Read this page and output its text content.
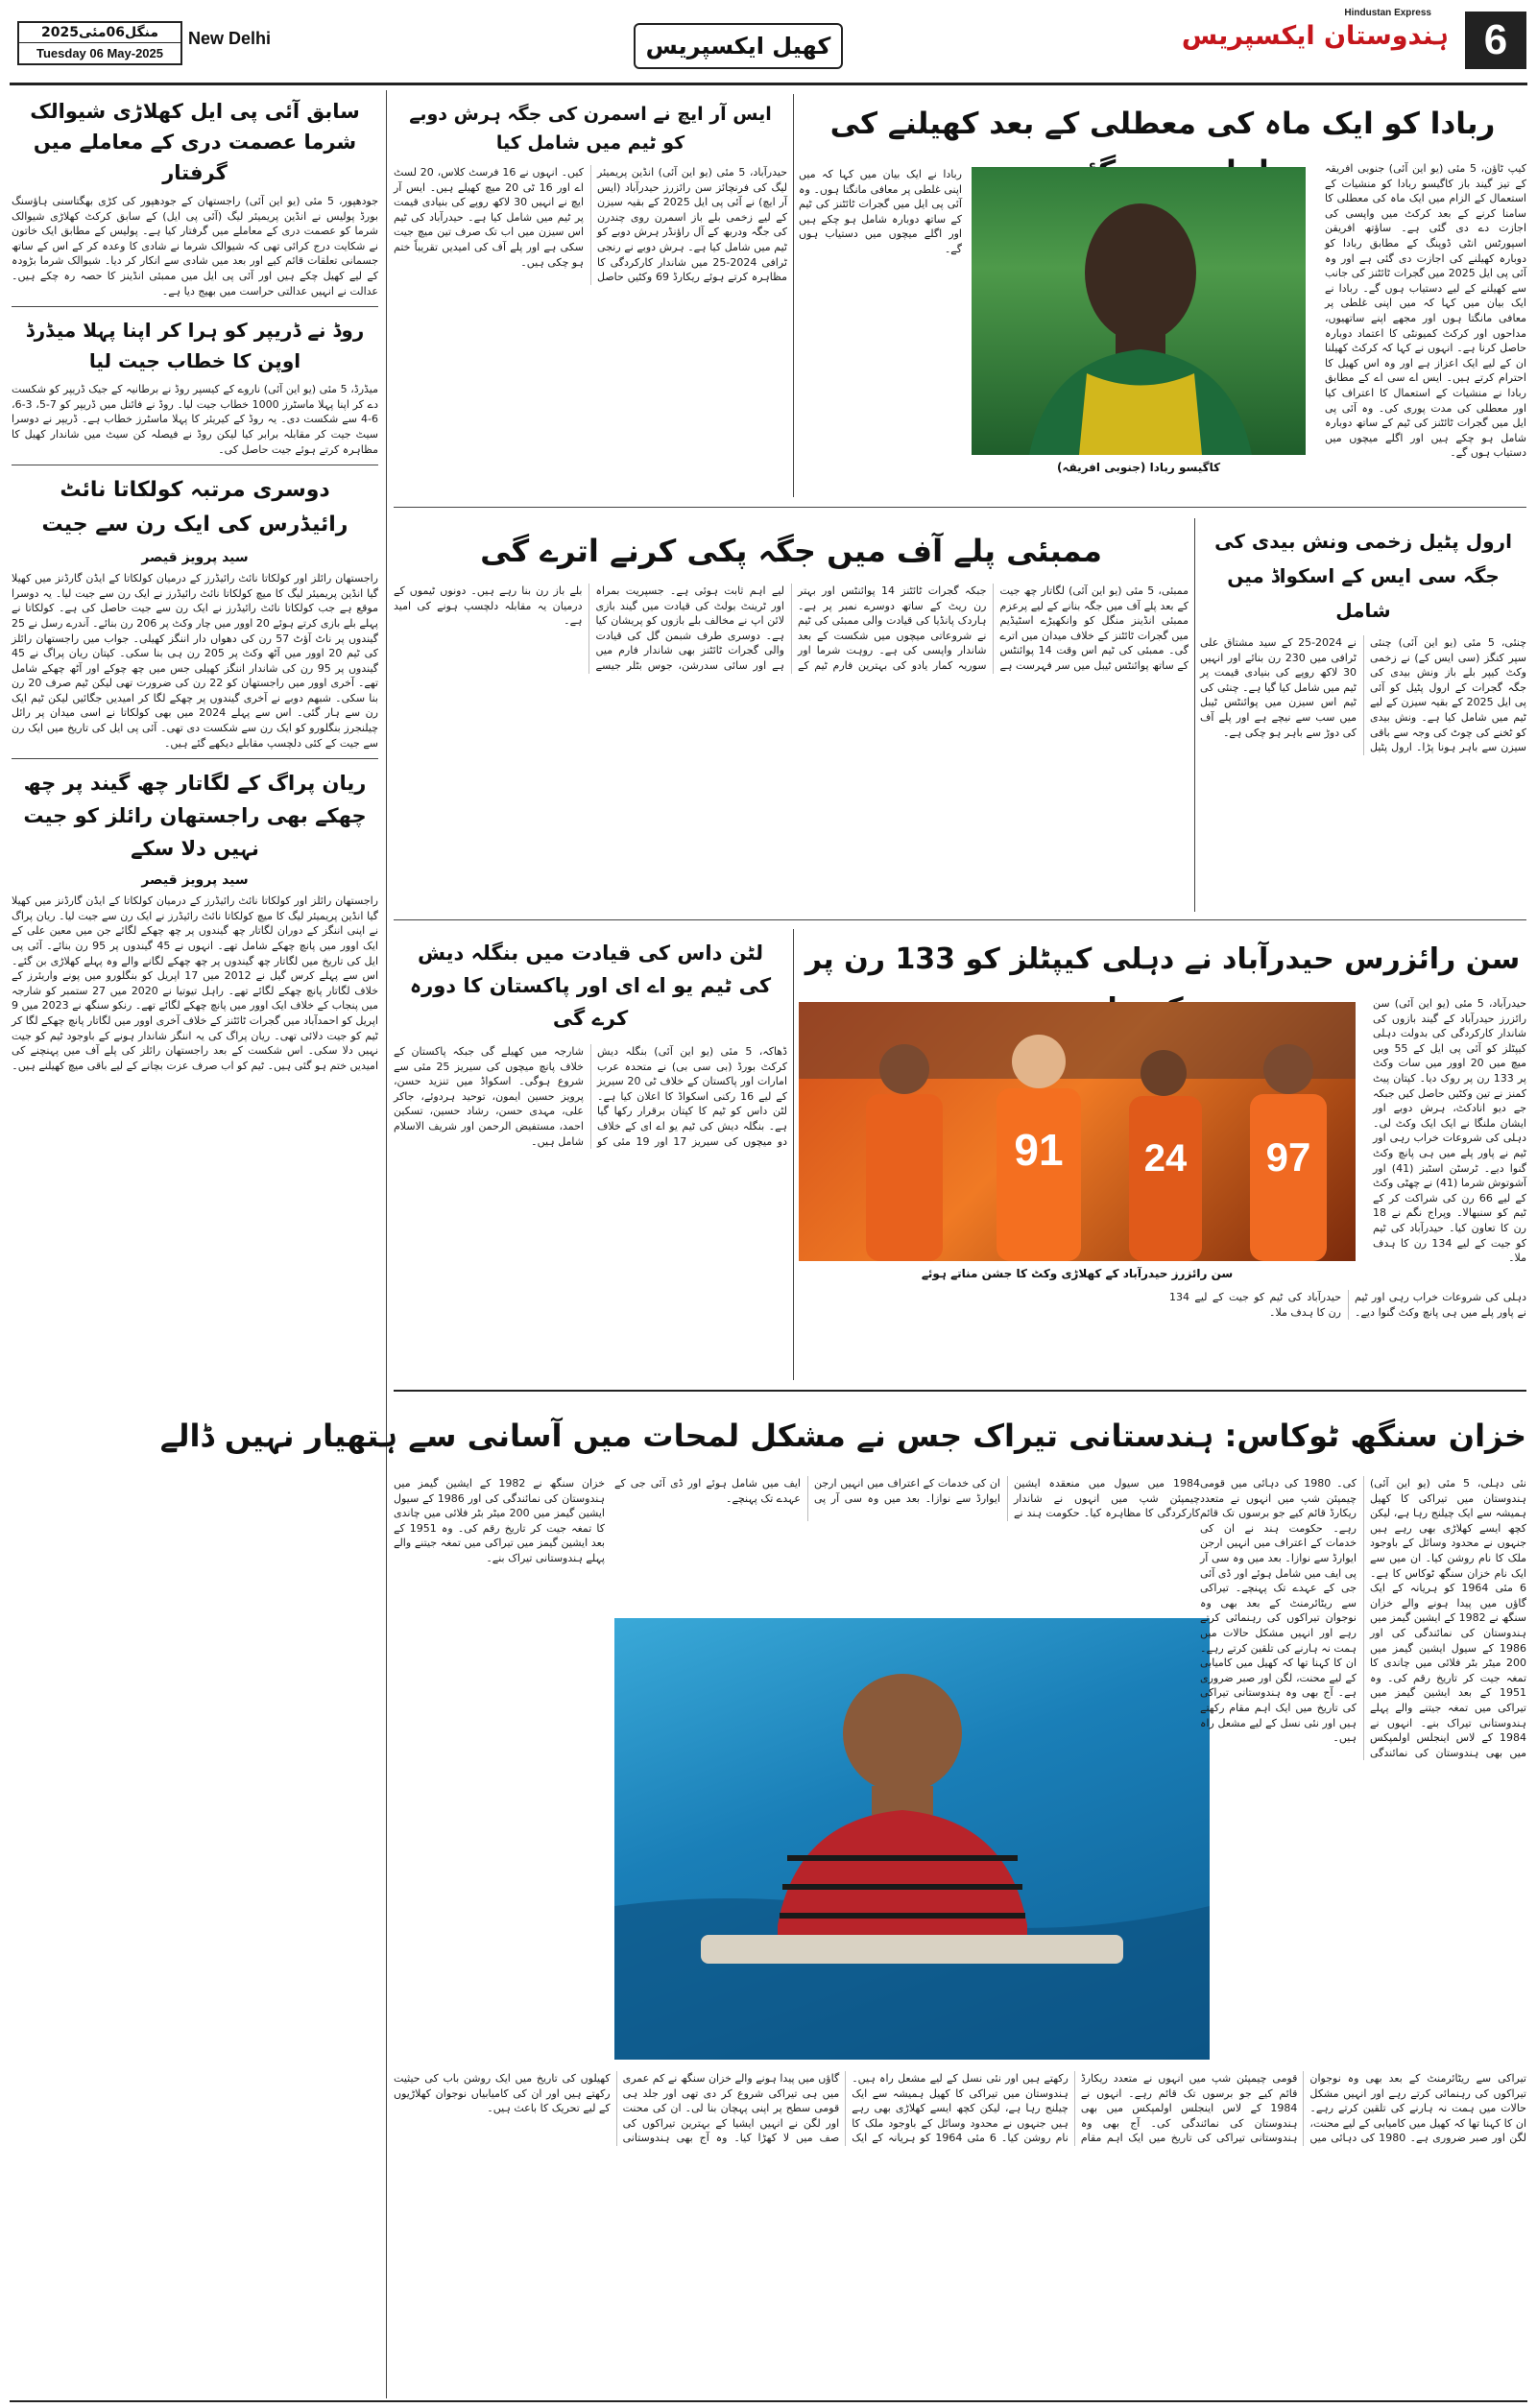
منگل06مئی2025
Tuesday 06 May-2025
New Delhi	کھیل ایکسپریس
Hindustan Express
ہندوستان ایکسپریس 6
سابق آئی پی ایل کھلاڑی شیوالک شرما عصمت دری کے معاملے میں گرفتار

جودھپور، 5 مئی (یو این آئی) راجستھان کے جودھپور کی کڑی بھگتاسنی ہاؤسنگ بورڈ پولیس نے انڈین پریمیئر لیگ (آئی پی ایل) کے سابق کرکٹ کھلاڑی شیوالک شرما کو عصمت دری کے معاملے میں گرفتار کیا ہے۔ پولیس کے مطابق ایک خاتون نے شکایت درج کرائی تھی کہ شیوالک شرما نے شادی کا وعدہ کر کے اس کے ساتھ جسمانی تعلقات قائم کیے اور بعد میں شادی سے انکار کر دیا۔ شیوالک شرما بڑودہ کے لیے کھیل چکے ہیں اور آئی پی ایل میں ممبئی انڈینز کا حصہ رہ چکے ہیں۔ عدالت نے انہیں عدالتی حراست میں بھیج دیا ہے۔

روڈ نے ڈریپر کو ہرا کر اپنا پہلا میڈرڈ اوپن کا خطاب جیت لیا

میڈرڈ، 5 مئی (یو این آئی) ناروے کے کیسپر روڈ نے برطانیہ کے جیک ڈریپر کو شکست دے کر اپنا پہلا ماسٹرز 1000 خطاب جیت لیا۔ روڈ نے فائنل میں ڈریپر کو 7-5، 3-6، 6-4 سے شکست دی۔ یہ روڈ کے کیریئر کا پہلا ماسٹرز خطاب ہے۔ ڈریپر نے دوسرا سیٹ جیت کر مقابلہ برابر کیا لیکن روڈ نے فیصلہ کن سیٹ میں شاندار کھیل کا مظاہرہ کرتے ہوئے جیت حاصل کی۔

دوسری مرتبہ کولکاتا نائٹ رائیڈرس کی ایک رن سے جیت
سید پرویز قیصر

راجستھان رائلز اور کولکاتا نائٹ رائیڈرز کے درمیان کولکاتا کے ایڈن گارڈنز میں کھیلا گیا انڈین پریمیئر لیگ کا میچ کولکاتا نائٹ رائیڈرز نے ایک رن سے جیت لیا۔ یہ دوسرا موقع ہے جب کولکاتا نائٹ رائیڈرز نے ایک رن سے جیت حاصل کی ہے۔ کولکاتا نے پہلے بلے بازی کرتے ہوئے 20 اوور میں چار وکٹ پر 206 رن بنائے۔ آندرے رسل نے 25 گیندوں پر ناٹ آؤٹ 57 رن کی دھواں دار اننگز کھیلی۔ جواب میں راجستھان رائلز کی ٹیم 20 اوور میں آٹھ وکٹ پر 205 رن ہی بنا سکی۔ کپتان ریان پراگ نے 45 گیندوں پر 95 رن کی شاندار اننگز کھیلی جس میں چھ چوکے اور آٹھ چھکے شامل تھے۔ آخری اوور میں راجستھان کو 22 رن کی ضرورت تھی لیکن ٹیم صرف 20 رن بنا سکی۔ شبھم دوبے نے آخری گیندوں پر چھکے لگا کر امیدیں جگائیں لیکن ٹیم ایک رن سے ہار گئی۔ اس سے پہلے 2024 میں بھی کولکاتا نے اسی میدان پر رائل چیلنجرز بنگلورو کو ایک رن سے شکست دی تھی۔ آئی پی ایل کی تاریخ میں ایک رن سے جیت کے کئی دلچسپ مقابلے دیکھے گئے ہیں۔

ریان پراگ کے لگاتار چھ گیند پر چھ چھکے بھی راجستھان رائلز کو جیت نہیں دلا سکے
سید پرویز قیصر

راجستھان رائلز اور کولکاتا نائٹ رائیڈرز کے درمیان کولکاتا کے ایڈن گارڈنز میں کھیلا گیا انڈین پریمیئر لیگ کا میچ کولکاتا نائٹ رائیڈرز نے ایک رن سے جیت لیا۔ ریان پراگ نے اپنی اننگز کے دوران لگاتار چھ گیندوں پر چھ چھکے لگائے جن میں معین علی کے ایک اوور میں پانچ چھکے شامل تھے۔ انہوں نے 45 گیندوں پر 95 رن بنائے۔ آئی پی ایل کی تاریخ میں لگاتار چھ گیندوں پر چھ چھکے لگانے والے وہ پہلے کھلاڑی بن گئے۔ اس سے پہلے کرس گیل نے 2012 میں 17 اپریل کو بنگلورو میں پونے واریئرز کے خلاف لگاتار پانچ چھکے لگائے تھے۔ راہل تیوتیا نے 2020 میں 27 ستمبر کو شارجہ میں پنجاب کے خلاف ایک اوور میں پانچ چھکے لگائے تھے۔ رنکو سنگھ نے 2023 میں 9 اپریل کو احمدآباد میں گجرات ٹائٹنز کے خلاف آخری اوور میں لگاتار پانچ چھکے لگا کر ٹیم کو جیت دلائی تھی۔ ریان پراگ کی یہ اننگز شاندار ہونے کے باوجود ٹیم کو جیت نہیں دلا سکی۔ اس شکست کے بعد راجستھان رائلز کی پلے آف میں پہنچنے کی امیدیں ختم ہو گئی ہیں۔ ٹیم کو اب صرف عزت بچانے کے لیے باقی میچ کھیلنے ہیں۔

ربادا کو ایک ماہ کی معطلی کے بعد کھیلنے کی

کیپ ٹاؤن، 5 مئی (یو این آئی) جنوبی افریقہ کے تیز گیند باز کاگیسو ربادا کو منشیات کے استعمال کے الزام میں ایک ماہ کی معطلی کا سامنا کرنے کے بعد کرکٹ میں واپسی کی اجازت دے دی گئی ہے۔ ساؤتھ افریقن اسپورٹس انٹی ڈوپنگ کے مطابق ربادا کو دوبارہ کھیلنے کی اجازت دی گئی ہے اور وہ آئی پی ایل 2025 میں گجرات ٹائٹنز کی جانب سے کھیلنے کے لیے دستیاب ہوں گے۔ ربادا نے ایک بیان میں کہا کہ میں اپنی غلطی پر معافی مانگتا ہوں اور مجھے اپنے ساتھیوں، مداحوں اور کرکٹ کمیونٹی کا اعتماد دوبارہ حاصل کرنا ہے۔ انہوں نے کہا کہ کرکٹ کھیلنا ان کے لیے ایک اعزاز ہے اور وہ اس کھیل کا احترام کرتے ہیں۔ ایس اے سی اے کے مطابق ربادا نے منشیات کے استعمال کا اعتراف کیا اور معطلی کی مدت پوری کی۔ وہ آئی پی ایل میں گجرات ٹائٹنز کی ٹیم کے ساتھ دوبارہ شامل ہو چکے ہیں اور اگلے میچوں میں دستیاب ہوں گے۔

ربادا نے ایک بیان میں کہا کہ میں اپنی غلطی پر معافی مانگتا ہوں۔ وہ آئی پی ایل میں گجرات ٹائٹنز کی ٹیم کے ساتھ دوبارہ شامل ہو چکے ہیں اور اگلے میچوں میں دستیاب ہوں گے۔

کاگیسو ربادا (جنوبی افریقہ)
ایس آر ایچ نے اسمرن کی جگہ ہرش دوبے کو ٹیم میں شامل کیا

حیدرآباد، 5 مئی (یو این آئی) انڈین پریمیئر لیگ کی فرنچائز سن رائزرز حیدرآباد (ایس آر ایچ) نے آئی پی ایل 2025 کے بقیہ سیزن کے لیے زخمی بلے باز اسمرن روی چندرن کی جگہ ودربھ کے آل راؤنڈر ہرش دوبے کو ٹیم میں شامل کیا ہے۔ ہرش دوبے نے رنجی ٹرافی 2024-25 میں شاندار کارکردگی کا مظاہرہ کرتے ہوئے ریکارڈ 69 وکٹیں حاصل کیں۔ انہوں نے 16 فرسٹ کلاس، 20 لسٹ اے اور 16 ٹی 20 میچ کھیلے ہیں۔ ایس آر ایچ نے انہیں 30 لاکھ روپے کی بنیادی قیمت پر ٹیم میں شامل کیا ہے۔ حیدرآباد کی ٹیم اس سیزن میں اب تک صرف تین میچ جیت سکی ہے اور پلے آف کی امیدیں تقریباً ختم ہو چکی ہیں۔

ارول پٹیل زخمی ونش بیدی کی جگہ سی ایس کے اسکواڈ میں شامل

چنئی، 5 مئی (یو این آئی) چنئی سپر کنگز (سی ایس کے) نے زخمی وکٹ کیپر بلے باز ونش بیدی کی جگہ گجرات کے ارول پٹیل کو آئی پی ایل 2025 کے بقیہ سیزن کے لیے ٹیم میں شامل کیا ہے۔ ونش بیدی کو ٹخنے کی چوٹ کی وجہ سے باقی سیزن سے باہر ہونا پڑا۔ ارول پٹیل نے 2024-25 کے سید مشتاق علی ٹرافی میں 230 رن بنائے اور انہیں 30 لاکھ روپے کی بنیادی قیمت پر ٹیم میں شامل کیا گیا ہے۔ چنئی کی ٹیم اس سیزن میں پوائنٹس ٹیبل میں سب سے نیچے ہے اور پلے آف کی دوڑ سے باہر ہو چکی ہے۔

ممبئی پلے آف میں جگہ پکی کرنے اترے گی

ممبئی، 5 مئی (یو این آئی) لگاتار چھ جیت کے بعد پلے آف میں جگہ بنانے کے لیے پرعزم ممبئی انڈینز منگل کو وانکھیڑے اسٹیڈیم میں گجرات ٹائٹنز کے خلاف میدان میں اترے گی۔ ممبئی کی ٹیم اس وقت 14 پوائنٹس کے ساتھ پوائنٹس ٹیبل میں سر فہرست ہے جبکہ گجرات ٹائٹنز 14 پوائنٹس اور بہتر رن ریٹ کے ساتھ دوسرے نمبر پر ہے۔ ہاردک پانڈیا کی قیادت والی ممبئی کی ٹیم نے شروعاتی میچوں میں شکست کے بعد شاندار واپسی کی ہے۔ روہت شرما اور سوریہ کمار یادو کی بہترین فارم ٹیم کے لیے اہم ثابت ہوئی ہے۔ جسپریت بمراہ اور ٹرینٹ بولٹ کی قیادت میں گیند بازی لائن اپ نے مخالف بلے بازوں کو پریشان کیا ہے۔ دوسری طرف شبمن گل کی قیادت والی گجرات ٹائٹنز بھی شاندار فارم میں ہے اور سائی سدرشن، جوس بٹلر جیسے بلے باز رن بنا رہے ہیں۔ دونوں ٹیموں کے درمیان یہ مقابلہ دلچسپ ہونے کی امید ہے۔

سن رائزرس حیدرآباد نے دہلی کیپٹلز کو 133 رن پر

حیدرآباد، 5 مئی (یو این آئی) سن رائزرز حیدرآباد کے گیند بازوں کی شاندار کارکردگی کی بدولت دہلی کیپٹلز کو آئی پی ایل کے 55 ویں میچ میں 20 اوور میں سات وکٹ پر 133 رن پر روک دیا۔ کپتان پیٹ کمنز نے تین وکٹیں حاصل کیں جبکہ جے دیو انادکٹ، ہرش دوبے اور ایشان ملنگا نے ایک ایک وکٹ لی۔ دہلی کی شروعات خراب رہی اور ٹیم نے پاور پلے میں ہی پانچ وکٹ گنوا دیے۔ ٹرسٹن اسٹبز (41) اور آشوتوش شرما (41) نے چھٹی وکٹ کے لیے 66 رن کی شراکت کر کے ٹیم کو سنبھالا۔ وپراج نگم نے 18 رن کا تعاون کیا۔ حیدرآباد کی ٹیم کو جیت کے لیے 134 رن کا ہدف ملا۔

91 24 97
سن رائزرز حیدرآباد کے کھلاڑی وکٹ کا جشن مناتے ہوئے

دہلی کی شروعات خراب رہی اور ٹیم نے پاور پلے میں ہی پانچ وکٹ گنوا دیے۔ حیدرآباد کی ٹیم کو جیت کے لیے 134 رن کا ہدف ملا۔

لٹن داس کی قیادت میں بنگلہ دیش کی ٹیم یو اے ای اور پاکستان کا دورہ کرے گی

ڈھاکہ، 5 مئی (یو این آئی) بنگلہ دیش کرکٹ بورڈ (بی سی بی) نے متحدہ عرب امارات اور پاکستان کے خلاف ٹی 20 سیریز کے لیے 16 رکنی اسکواڈ کا اعلان کیا ہے۔ لٹن داس کو ٹیم کا کپتان برقرار رکھا گیا ہے۔ بنگلہ دیش کی ٹیم یو اے ای کے خلاف دو میچوں کی سیریز 17 اور 19 مئی کو شارجہ میں کھیلے گی جبکہ پاکستان کے خلاف پانچ میچوں کی سیریز 25 مئی سے شروع ہوگی۔ اسکواڈ میں تنزید حسن، پرویز حسین ایمون، توحید ہردوئے، جاکر علی، مہدی حسن، رشاد حسین، تسکین احمد، مستفیض الرحمن اور شریف الاسلام شامل ہیں۔

خزان سنگھ ٹوکاس: ہندستانی تیراک جس نے مشکل لمحات میں آسانی سے ہتھیار نہیں ڈالے

نئی دہلی، 5 مئی (یو این آئی) ہندوستان میں تیراکی کا کھیل ہمیشہ سے ایک چیلنج رہا ہے، لیکن کچھ ایسے کھلاڑی بھی رہے ہیں جنہوں نے محدود وسائل کے باوجود ملک کا نام روشن کیا۔ ان میں سے ایک نام خزان سنگھ ٹوکاس کا ہے۔ 6 مئی 1964 کو ہریانہ کے ایک گاؤں میں پیدا ہونے والے خزان سنگھ نے 1982 کے ایشین گیمز میں ہندوستان کی نمائندگی کی اور 1986 کے سیول ایشین گیمز میں 200 میٹر بٹر فلائی میں چاندی کا تمغہ جیت کر تاریخ رقم کی۔ وہ 1951 کے بعد ایشین گیمز میں تیراکی میں تمغہ جیتنے والے پہلے ہندوستانی تیراک بنے۔ انہوں نے 1984 کے لاس اینجلس اولمپکس میں بھی ہندوستان کی نمائندگی کی۔ 1980 کی دہائی میں قومی چیمپئن شپ میں انہوں نے متعدد ریکارڈ قائم کیے جو برسوں تک قائم رہے۔ حکومت ہند نے ان کی خدمات کے اعتراف میں انہیں ارجن ایوارڈ سے نوازا۔ بعد میں وہ سی آر پی ایف میں شامل ہوئے اور ڈی آئی جی کے عہدے تک پہنچے۔ تیراکی سے ریٹائرمنٹ کے بعد بھی وہ نوجوان تیراکوں کی رہنمائی کرتے رہے اور انہیں مشکل حالات میں ہمت نہ ہارنے کی تلقین کرتے رہے۔ ان کا کہنا تھا کہ کھیل میں کامیابی کے لیے محنت، لگن اور صبر ضروری ہے۔ آج بھی وہ ہندوستانی تیراکی کی تاریخ میں ایک اہم مقام رکھتے ہیں اور نئی نسل کے لیے مشعل راہ ہیں۔

خزان سنگھ نے 1982 کے ایشین گیمز میں ہندوستان کی نمائندگی کی اور 1986 کے سیول ایشین گیمز میں 200 میٹر بٹر فلائی میں چاندی کا تمغہ جیت کر تاریخ رقم کی۔ وہ 1951 کے بعد ایشین گیمز میں تیراکی میں تمغہ جیتنے والے پہلے ہندوستانی تیراک بنے۔

1984 میں سیول میں منعقدہ ایشین چیمپئن شپ میں انہوں نے شاندار کارکردگی کا مظاہرہ کیا۔ حکومت ہند نے ان کی خدمات کے اعتراف میں انہیں ارجن ایوارڈ سے نوازا۔ بعد میں وہ سی آر پی ایف میں شامل ہوئے اور ڈی آئی جی کے عہدے تک پہنچے۔

تیراکی سے ریٹائرمنٹ کے بعد بھی وہ نوجوان تیراکوں کی رہنمائی کرتے رہے اور انہیں مشکل حالات میں ہمت نہ ہارنے کی تلقین کرتے رہے۔ ان کا کہنا تھا کہ کھیل میں کامیابی کے لیے محنت، لگن اور صبر ضروری ہے۔ 1980 کی دہائی میں قومی چیمپئن شپ میں انہوں نے متعدد ریکارڈ قائم کیے جو برسوں تک قائم رہے۔ انہوں نے 1984 کے لاس اینجلس اولمپکس میں بھی ہندوستان کی نمائندگی کی۔ آج بھی وہ ہندوستانی تیراکی کی تاریخ میں ایک اہم مقام رکھتے ہیں اور نئی نسل کے لیے مشعل راہ ہیں۔ ہندوستان میں تیراکی کا کھیل ہمیشہ سے ایک چیلنج رہا ہے، لیکن کچھ ایسے کھلاڑی بھی رہے ہیں جنہوں نے محدود وسائل کے باوجود ملک کا نام روشن کیا۔ 6 مئی 1964 کو ہریانہ کے ایک گاؤں میں پیدا ہونے والے خزان سنگھ نے کم عمری میں ہی تیراکی شروع کر دی تھی اور جلد ہی قومی سطح پر اپنی پہچان بنا لی۔ ان کی محنت اور لگن نے انہیں ایشیا کے بہترین تیراکوں کی صف میں لا کھڑا کیا۔ وہ آج بھی ہندوستانی کھیلوں کی تاریخ میں ایک روشن باب کی حیثیت رکھتے ہیں اور ان کی کامیابیاں نوجوان کھلاڑیوں کے لیے تحریک کا باعث ہیں۔
